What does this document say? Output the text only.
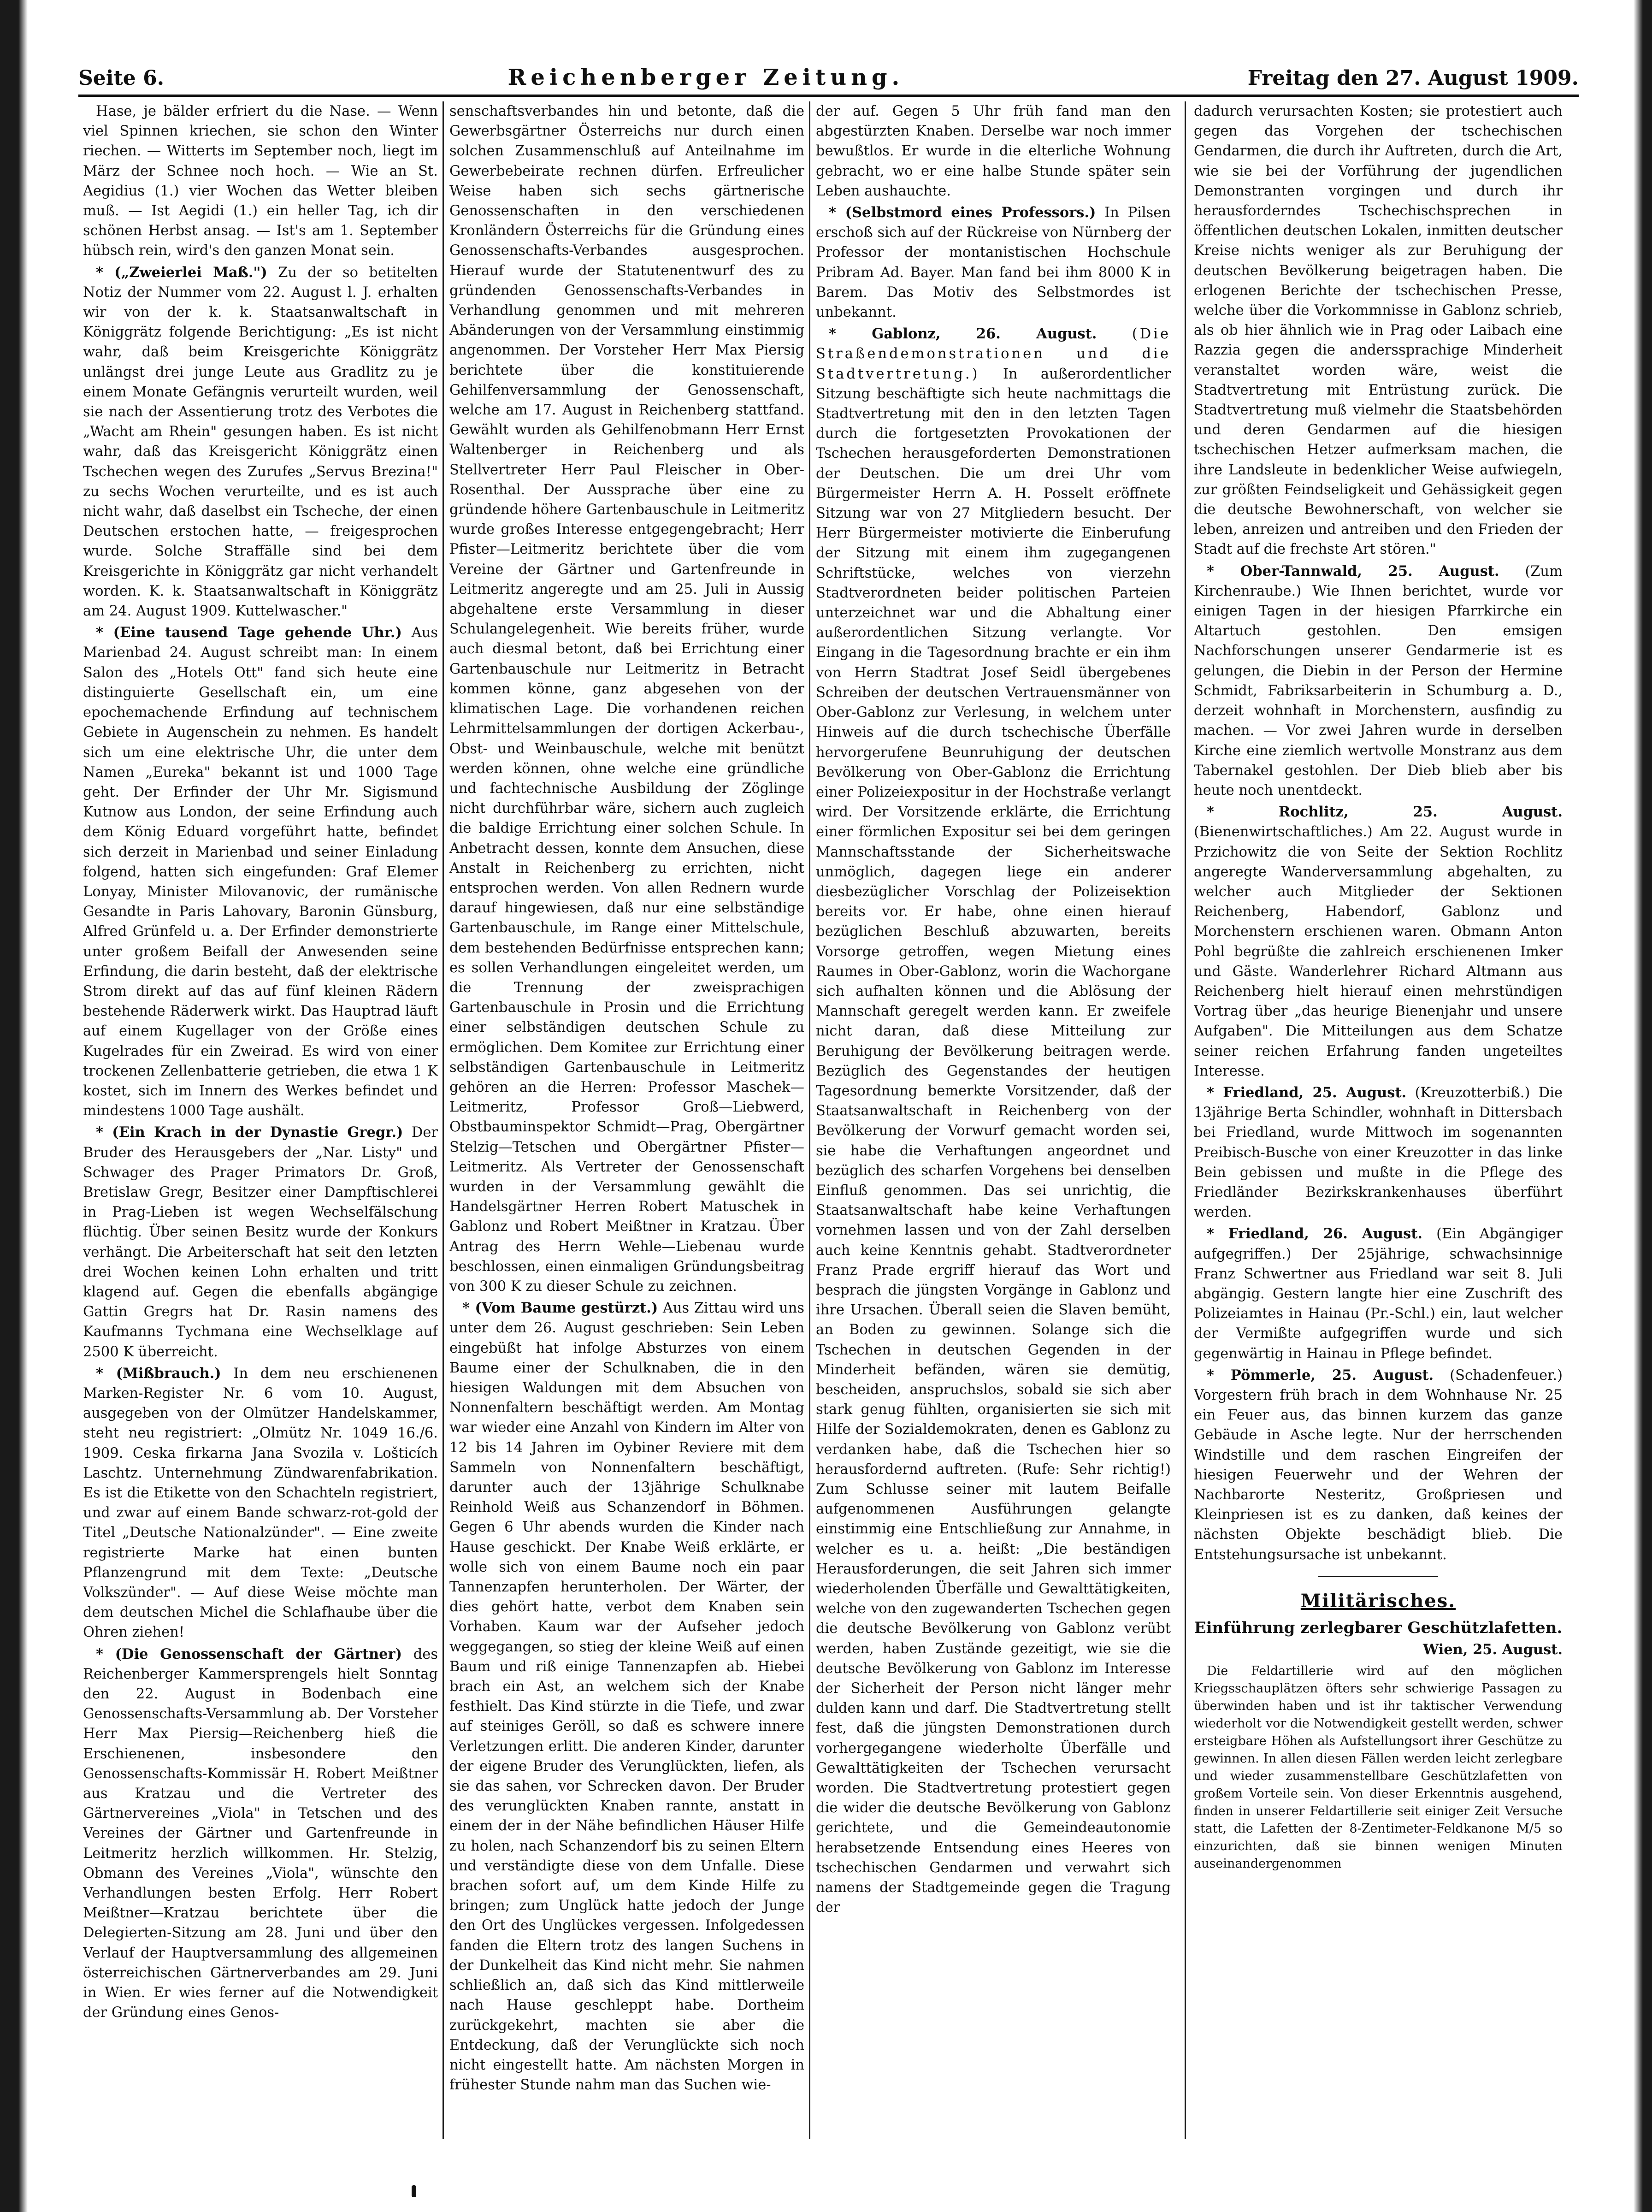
Seite 6.	Reichenberger Zeitung.	Freitag den 27. August 1909.

Hase, je bälder erfriert du die Nase. — Wenn viel Spinnen kriechen, sie schon den Winter riechen. — Witterts im September noch, liegt im März der Schnee noch hoch. — Wie an St. Aegidius (1.) vier Wochen das Wetter bleiben muß. — Ist Aegidi (1.) ein heller Tag, ich dir schönen Herbst ansag. — Ist's am 1. September hübsch rein, wird's den ganzen Monat sein.

* („Zweierlei Maß.") Zu der so betitelten Notiz der Nummer vom 22. August l. J. erhalten wir von der k. k. Staatsanwaltschaft in Königgrätz folgende Berichtigung: „Es ist nicht wahr, daß beim Kreisgerichte Königgrätz unlängst drei junge Leute aus Gradlitz zu je einem Monate Gefängnis verurteilt wurden, weil sie nach der Assentierung trotz des Verbotes die „Wacht am Rhein" gesungen haben. Es ist nicht wahr, daß das Kreisgericht Königgrätz einen Tschechen wegen des Zurufes „Servus Brezina!" zu sechs Wochen verurteilte, und es ist auch nicht wahr, daß daselbst ein Tscheche, der einen Deutschen erstochen hatte, — freigesprochen wurde. Solche Straffälle sind bei dem Kreisgerichte in Königgrätz gar nicht verhandelt worden. K. k. Staatsanwaltschaft in Königgrätz am 24. August 1909. Kuttelwascher."

* (Eine tausend Tage gehende Uhr.) Aus Marienbad 24. August schreibt man: In einem Salon des „Hotels Ott" fand sich heute eine distinguierte Gesellschaft ein, um eine epochemachende Erfindung auf technischem Gebiete in Augenschein zu nehmen. Es handelt sich um eine elektrische Uhr, die unter dem Namen „Eureka" bekannt ist und 1000 Tage geht. Der Erfinder der Uhr Mr. Sigismund Kutnow aus London, der seine Erfindung auch dem König Eduard vorgeführt hatte, befindet sich derzeit in Marienbad und seiner Einladung folgend, hatten sich eingefunden: Graf Elemer Lonyay, Minister Milovanovic, der rumänische Gesandte in Paris Lahovary, Baronin Günsburg, Alfred Grünfeld u. a. Der Erfinder demonstrierte unter großem Beifall der Anwesenden seine Erfindung, die darin besteht, daß der elektrische Strom direkt auf das auf fünf kleinen Rädern bestehende Räderwerk wirkt. Das Hauptrad läuft auf einem Kugellager von der Größe eines Kugelrades für ein Zweirad. Es wird von einer trockenen Zellenbatterie getrieben, die etwa 1 K kostet, sich im Innern des Werkes befindet und mindestens 1000 Tage aushält.

* (Ein Krach in der Dynastie Gregr.) Der Bruder des Herausgebers der „Nar. Listy" und Schwager des Prager Primators Dr. Groß, Bretislaw Gregr, Besitzer einer Dampftischlerei in Prag-Lieben ist wegen Wechselfälschung flüchtig. Über seinen Besitz wurde der Konkurs verhängt. Die Arbeiterschaft hat seit den letzten drei Wochen keinen Lohn erhalten und tritt klagend auf. Gegen die ebenfalls abgängige Gattin Gregrs hat Dr. Rasin namens des Kaufmanns Tychmana eine Wechselklage auf 2500 K überreicht.

* (Mißbrauch.) In dem neu erschienenen Marken-Register Nr. 6 vom 10. August, ausgegeben von der Olmützer Handelskammer, steht neu registriert: „Olmütz Nr. 1049 16./6. 1909. Ceska firkarna Jana Svozila v. Lošticích Laschtz. Unternehmung Zündwarenfabrikation. Es ist die Etikette von den Schachteln registriert, und zwar auf einem Bande schwarz-rot-gold der Titel „Deutsche Nationalzünder". — Eine zweite registrierte Marke hat einen bunten Pflanzengrund mit dem Texte: „Deutsche Volkszünder". — Auf diese Weise möchte man dem deutschen Michel die Schlafhaube über die Ohren ziehen!

* (Die Genossenschaft der Gärtner) des Reichenberger Kammersprengels hielt Sonntag den 22. August in Bodenbach eine Genossenschafts-Versammlung ab. Der Vorsteher Herr Max Piersig—Reichenberg hieß die Erschienenen, insbesondere den Genossenschafts-Kommissär H. Robert Meißtner aus Kratzau und die Vertreter des Gärtnervereines „Viola" in Tetschen und des Vereines der Gärtner und Gartenfreunde in Leitmeritz herzlich willkommen. Hr. Stelzig, Obmann des Vereines „Viola", wünschte den Verhandlungen besten Erfolg. Herr Robert Meißtner—Kratzau berichtete über die Delegierten-Sitzung am 28. Juni und über den Verlauf der Hauptversammlung des allgemeinen österreichischen Gärtnerverbandes am 29. Juni in Wien. Er wies ferner auf die Notwendigkeit der Gründung eines Genos-

senschaftsverbandes hin und betonte, daß die Gewerbsgärtner Österreichs nur durch einen solchen Zusammenschluß auf Anteilnahme im Gewerbebeirate rechnen dürfen. Erfreulicher Weise haben sich sechs gärtnerische Genossenschaften in den verschiedenen Kronländern Österreichs für die Gründung eines Genossenschafts-Verbandes ausgesprochen. Hierauf wurde der Statutenentwurf des zu gründenden Genossenschafts-Verbandes in Verhandlung genommen und mit mehreren Abänderungen von der Versammlung einstimmig angenommen. Der Vorsteher Herr Max Piersig berichtete über die konstituierende Gehilfenversammlung der Genossenschaft, welche am 17. August in Reichenberg stattfand. Gewählt wurden als Gehilfenobmann Herr Ernst Waltenberger in Reichenberg und als Stellvertreter Herr Paul Fleischer in Ober-Rosenthal. Der Aussprache über eine zu gründende höhere Gartenbauschule in Leitmeritz wurde großes Interesse entgegengebracht; Herr Pfister—Leitmeritz berichtete über die vom Vereine der Gärtner und Gartenfreunde in Leitmeritz angeregte und am 25. Juli in Aussig abgehaltene erste Versammlung in dieser Schulangelegenheit. Wie bereits früher, wurde auch diesmal betont, daß bei Errichtung einer Gartenbauschule nur Leitmeritz in Betracht kommen könne, ganz abgesehen von der klimatischen Lage. Die vorhandenen reichen Lehrmittelsammlungen der dortigen Ackerbau-, Obst- und Weinbauschule, welche mit benützt werden können, ohne welche eine gründliche und fachtechnische Ausbildung der Zöglinge nicht durchführbar wäre, sichern auch zugleich die baldige Errichtung einer solchen Schule. In Anbetracht dessen, konnte dem Ansuchen, diese Anstalt in Reichenberg zu errichten, nicht entsprochen werden. Von allen Rednern wurde darauf hingewiesen, daß nur eine selbständige Gartenbauschule, im Range einer Mittelschule, dem bestehenden Bedürfnisse entsprechen kann; es sollen Verhandlungen eingeleitet werden, um die Trennung der zweisprachigen Gartenbauschule in Prosin und die Errichtung einer selbständigen deutschen Schule zu ermöglichen. Dem Komitee zur Errichtung einer selbständigen Gartenbauschule in Leitmeritz gehören an die Herren: Professor Maschek—Leitmeritz, Professor Groß—Liebwerd, Obstbauminspektor Schmidt—Prag, Obergärtner Stelzig—Tetschen und Obergärtner Pfister—Leitmeritz. Als Vertreter der Genossenschaft wurden in der Versammlung gewählt die Handelsgärtner Herren Robert Matuschek in Gablonz und Robert Meißtner in Kratzau. Über Antrag des Herrn Wehle—Liebenau wurde beschlossen, einen einmaligen Gründungsbeitrag von 300 K zu dieser Schule zu zeichnen.

* (Vom Baume gestürzt.) Aus Zittau wird uns unter dem 26. August geschrieben: Sein Leben eingebüßt hat infolge Absturzes von einem Baume einer der Schulknaben, die in den hiesigen Waldungen mit dem Absuchen von Nonnenfaltern beschäftigt werden. Am Montag war wieder eine Anzahl von Kindern im Alter von 12 bis 14 Jahren im Oybiner Reviere mit dem Sammeln von Nonnenfaltern beschäftigt, darunter auch der 13jährige Schulknabe Reinhold Weiß aus Schanzendorf in Böhmen. Gegen 6 Uhr abends wurden die Kinder nach Hause geschickt. Der Knabe Weiß erklärte, er wolle sich von einem Baume noch ein paar Tannenzapfen herunterholen. Der Wärter, der dies gehört hatte, verbot dem Knaben sein Vorhaben. Kaum war der Aufseher jedoch weggegangen, so stieg der kleine Weiß auf einen Baum und riß einige Tannenzapfen ab. Hiebei brach ein Ast, an welchem sich der Knabe festhielt. Das Kind stürzte in die Tiefe, und zwar auf steiniges Geröll, so daß es schwere innere Verletzungen erlitt. Die anderen Kinder, darunter der eigene Bruder des Verunglückten, liefen, als sie das sahen, vor Schrecken davon. Der Bruder des verunglückten Knaben rannte, anstatt in einem der in der Nähe befindlichen Häuser Hilfe zu holen, nach Schanzendorf bis zu seinen Eltern und verständigte diese von dem Unfalle. Diese brachen sofort auf, um dem Kinde Hilfe zu bringen; zum Unglück hatte jedoch der Junge den Ort des Unglückes vergessen. Infolgedessen fanden die Eltern trotz des langen Suchens in der Dunkelheit das Kind nicht mehr. Sie nahmen schließlich an, daß sich das Kind mittlerweile nach Hause geschleppt habe. Dortheim zurückgekehrt, machten sie aber die Entdeckung, daß der Verunglückte sich noch nicht eingestellt hatte. Am nächsten Morgen in frühester Stunde nahm man das Suchen wie-

der auf. Gegen 5 Uhr früh fand man den abgestürzten Knaben. Derselbe war noch immer bewußtlos. Er wurde in die elterliche Wohnung gebracht, wo er eine halbe Stunde später sein Leben aushauchte.

* (Selbstmord eines Professors.) In Pilsen erschoß sich auf der Rückreise von Nürnberg der Professor der montanistischen Hochschule Pribram Ad. Bayer. Man fand bei ihm 8000 K in Barem. Das Motiv des Selbstmordes ist unbekannt.

* Gablonz, 26. August.	(Die Straßendemonstrationen und die Stadtvertretung.) In außerordentlicher Sitzung beschäftigte sich heute nachmittags die Stadtvertretung mit den in den letzten Tagen durch die fortgesetzten Provokationen der Tschechen herausgeforderten Demonstrationen der Deutschen. Die um drei Uhr vom Bürgermeister Herrn A. H. Posselt eröffnete Sitzung war von 27 Mitgliedern besucht. Der Herr Bürgermeister motivierte die Einberufung der Sitzung mit einem ihm zugegangenen Schriftstücke, welches von vierzehn Stadtverordneten beider politischen Parteien unterzeichnet war und die Abhaltung einer außerordentlichen Sitzung verlangte. Vor Eingang in die Tagesordnung brachte er ein ihm von Herrn Stadtrat Josef Seidl übergebenes Schreiben der deutschen Vertrauensmänner von Ober-Gablonz zur Verlesung, in welchem unter Hinweis auf die durch tschechische Überfälle hervorgerufene Beunruhigung der deutschen Bevölkerung von Ober-Gablonz die Errichtung einer Polizeiexpositur in der Hochstraße verlangt wird. Der Vorsitzende erklärte, die Errichtung einer förmlichen Expositur sei bei dem geringen Mannschaftsstande der Sicherheitswache unmöglich, dagegen liege ein anderer diesbezüglicher Vorschlag der Polizeisektion bereits vor. Er habe, ohne einen hierauf bezüglichen Beschluß abzuwarten, bereits Vorsorge getroffen, wegen Mietung eines Raumes in Ober-Gablonz, worin die Wachorgane sich aufhalten können und die Ablösung der Mannschaft geregelt werden kann. Er zweifele nicht daran, daß diese Mitteilung zur Beruhigung der Bevölkerung beitragen werde. Bezüglich des Gegenstandes der heutigen Tagesordnung bemerkte Vorsitzender, daß der Staatsanwaltschaft in Reichenberg von der Bevölkerung der Vorwurf gemacht worden sei, sie habe die Verhaftungen angeordnet und bezüglich des scharfen Vorgehens bei denselben Einfluß genommen. Das sei unrichtig, die Staatsanwaltschaft habe keine Verhaftungen vornehmen lassen und von der Zahl derselben auch keine Kenntnis gehabt. Stadtverordneter Franz Prade ergriff hierauf das Wort und besprach die jüngsten Vorgänge in Gablonz und ihre Ursachen. Überall seien die Slaven bemüht, an Boden zu gewinnen. Solange sich die Tschechen in deutschen Gegenden in der Minderheit befänden, wären sie demütig, bescheiden, anspruchslos, sobald sie sich aber stark genug fühlten, organisierten sie sich mit Hilfe der Sozialdemokraten, denen es Gablonz zu verdanken habe, daß die Tschechen hier so herausfordernd auftreten. (Rufe: Sehr richtig!) Zum Schlusse seiner mit lautem Beifalle aufgenommenen Ausführungen gelangte einstimmig eine Entschließung zur Annahme, in welcher es u. a. heißt: „Die beständigen Herausforderungen, die seit Jahren sich immer wiederholenden Überfälle und Gewalttätigkeiten, welche von den zugewanderten Tschechen gegen die deutsche Bevölkerung von Gablonz verübt werden, haben Zustände gezeitigt, wie sie die deutsche Bevölkerung von Gablonz im Interesse der Sicherheit der Person nicht länger mehr dulden kann und darf. Die Stadtvertretung stellt fest, daß die jüngsten Demonstrationen durch vorhergegangene wiederholte Überfälle und Gewalttätigkeiten der Tschechen verursacht worden. Die Stadtvertretung protestiert gegen die wider die deutsche Bevölkerung von Gablonz gerichtete, und die Gemeindeautonomie herabsetzende Entsendung eines Heeres von tschechischen Gendarmen und verwahrt sich namens der Stadtgemeinde gegen die Tragung der

dadurch verursachten Kosten; sie protestiert auch gegen das Vorgehen der tschechischen Gendarmen, die durch ihr Auftreten, durch die Art, wie sie bei der Vorführung der jugendlichen Demonstranten vorgingen und durch ihr herausforderndes Tschechischsprechen in öffentlichen deutschen Lokalen, inmitten deutscher Kreise nichts weniger als zur Beruhigung der deutschen Bevölkerung beigetragen haben. Die erlogenen Berichte der tschechischen Presse, welche über die Vorkommnisse in Gablonz schrieb, als ob hier ähnlich wie in Prag oder Laibach eine Razzia gegen die anderssprachige Minderheit veranstaltet worden wäre, weist die Stadtvertretung mit Entrüstung zurück. Die Stadtvertretung muß vielmehr die Staatsbehörden und deren Gendarmen auf die hiesigen tschechischen Hetzer aufmerksam machen, die ihre Landsleute in bedenklicher Weise aufwiegeln, zur größten Feindseligkeit und Gehässigkeit gegen die deutsche Bewohnerschaft, von welcher sie leben, anreizen und antreiben und den Frieden der Stadt auf die frechste Art stören."

* Ober-Tannwald, 25. August. (Zum Kirchenraube.) Wie Ihnen berichtet, wurde vor einigen Tagen in der hiesigen Pfarrkirche ein Altartuch gestohlen. Den emsigen Nachforschungen unserer Gendarmerie ist es gelungen, die Diebin in der Person der Hermine Schmidt, Fabriksarbeiterin in Schumburg a. D., derzeit wohnhaft in Morchenstern, ausfindig zu machen. — Vor zwei Jahren wurde in derselben Kirche eine ziemlich wertvolle Monstranz aus dem Tabernakel gestohlen. Der Dieb blieb aber bis heute noch unentdeckt.

* Rochlitz, 25. August. (Bienenwirtschaftliches.) Am 22. August wurde in Przichowitz die von Seite der Sektion Rochlitz angeregte Wanderversammlung abgehalten, zu welcher auch Mitglieder der Sektionen Reichenberg, Habendorf, Gablonz und Morchenstern erschienen waren. Obmann Anton Pohl begrüßte die zahlreich erschienenen Imker und Gäste. Wanderlehrer Richard Altmann aus Reichenberg hielt hierauf einen mehrstündigen Vortrag über „das heurige Bienenjahr und unsere Aufgaben". Die Mitteilungen aus dem Schatze seiner reichen Erfahrung fanden ungeteiltes Interesse.

* Friedland, 25. August. (Kreuzotterbiß.) Die 13jährige Berta Schindler, wohnhaft in Dittersbach bei Friedland, wurde Mittwoch im sogenannten Preibisch-Busche von einer Kreuzotter in das linke Bein gebissen und mußte in die Pflege des Friedländer Bezirkskrankenhauses überführt werden.

* Friedland, 26. August. (Ein Abgängiger aufgegriffen.) Der 25jährige, schwachsinnige Franz Schwertner aus Friedland war seit 8. Juli abgängig. Gestern langte hier eine Zuschrift des Polizeiamtes in Hainau (Pr.-Schl.) ein, laut welcher der Vermißte aufgegriffen wurde und sich gegenwärtig in Hainau in Pflege befindet.

* Pömmerle, 25. August. (Schadenfeuer.) Vorgestern früh brach in dem Wohnhause Nr. 25 ein Feuer aus, das binnen kurzem das ganze Gebäude in Asche legte. Nur der herrschenden Windstille und dem raschen Eingreifen der hiesigen Feuerwehr und der Wehren der Nachbarorte Nesteritz, Großpriesen und Kleinpriesen ist es zu danken, daß keines der nächsten Objekte beschädigt blieb. Die Entstehungsursache ist unbekannt.

Militärisches.
Einführung zerlegbarer Geschützlafetten.
Wien, 25. August.

Die Feldartillerie wird auf den möglichen Kriegsschauplätzen öfters sehr schwierige Passagen zu überwinden haben und ist ihr taktischer Verwendung wiederholt vor die Notwendigkeit gestellt werden, schwer ersteigbare Höhen als Aufstellungsort ihrer Geschütze zu gewinnen. In allen diesen Fällen werden leicht zerlegbare und wieder zusammenstellbare Geschützlafetten von großem Vorteile sein. Von dieser Erkenntnis ausgehend, finden in unserer Feldartillerie seit einiger Zeit Versuche statt, die Lafetten der 8-Zentimeter-Feldkanone M/5 so einzurichten, daß sie binnen wenigen Minuten auseinandergenommen
